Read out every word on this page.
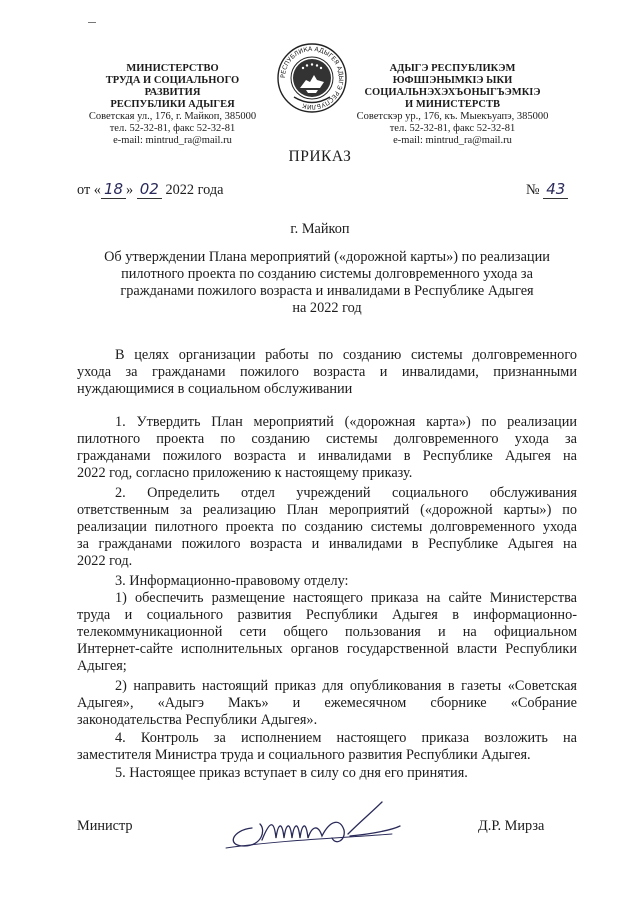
МИНИСТЕРСТВО
ТРУДА И СОЦИАЛЬНОГО
РАЗВИТИЯ
РЕСПУБЛИКИ АДЫГЕЯ
Советская ул., 176, г. Майкоп, 385000
тел. 52-32-81, факс 52-32-81
e-mail: mintrud_ra@mail.ru
РЕСПУБЛИКА АДЫГЕЯ АДЫГЭ РЕСПУБЛИК
АДЫГЭ РЕСПУБЛИКЭМ
ЮФШІЭНЫМКІЭ ЫКИ
СОЦИАЛЬНЭХЭХЪОНЫГЪЭМКІЭ
И МИНИСТЕРСТВ
Советскэр ур., 176, къ. Мыекъуапэ, 385000
тел. 52-32-81, факс 52-32-81
e-mail: mintrud_ra@mail.ru
ПРИКАЗ
от « 18 » 02 2022 года	№ 43
г. Майкоп
Об утверждении Плана мероприятий («дорожной карты») по реализации
пилотного проекта по созданию системы долговременного ухода за
гражданами пожилого возраста и инвалидами в Республике Адыгея
на 2022 год
В целях организации работы по созданию системы долговременного
ухода за гражданами пожилого возраста и инвалидами, признанными
нуждающимися в социальном обслуживании
1. Утвердить План мероприятий («дорожная карта») по реализации
пилотного проекта по созданию системы долговременного ухода за
гражданами пожилого возраста и инвалидами в Республике Адыгея на
2022 год, согласно приложению к настоящему приказу.
2. Определить отдел учреждений социального обслуживания
ответственным за реализацию План мероприятий («дорожной карты») по
реализации пилотного проекта по созданию системы долговременного ухода
за гражданами пожилого возраста и инвалидами в Республике Адыгея на
2022 год.
3. Информационно-правовому отделу:
1) обеспечить размещение настоящего приказа на сайте Министерства
труда и социального развития Республики Адыгея в информационно-
телекоммуникационной сети общего пользования и на официальном
Интернет-сайте исполнительных органов государственной власти Республики
Адыгея;
2) направить настоящий приказ для опубликования в газеты «Советская
Адыгея», «Адыгэ Макъ» и ежемесячном сборнике «Собрание
законодательства Республики Адыгея».
4. Контроль за исполнением настоящего приказа возложить на
заместителя Министра труда и социального развития Республики Адыгея.
5. Настоящее приказ вступает в силу со дня его принятия.
Министр	Д.Р. Мирза
